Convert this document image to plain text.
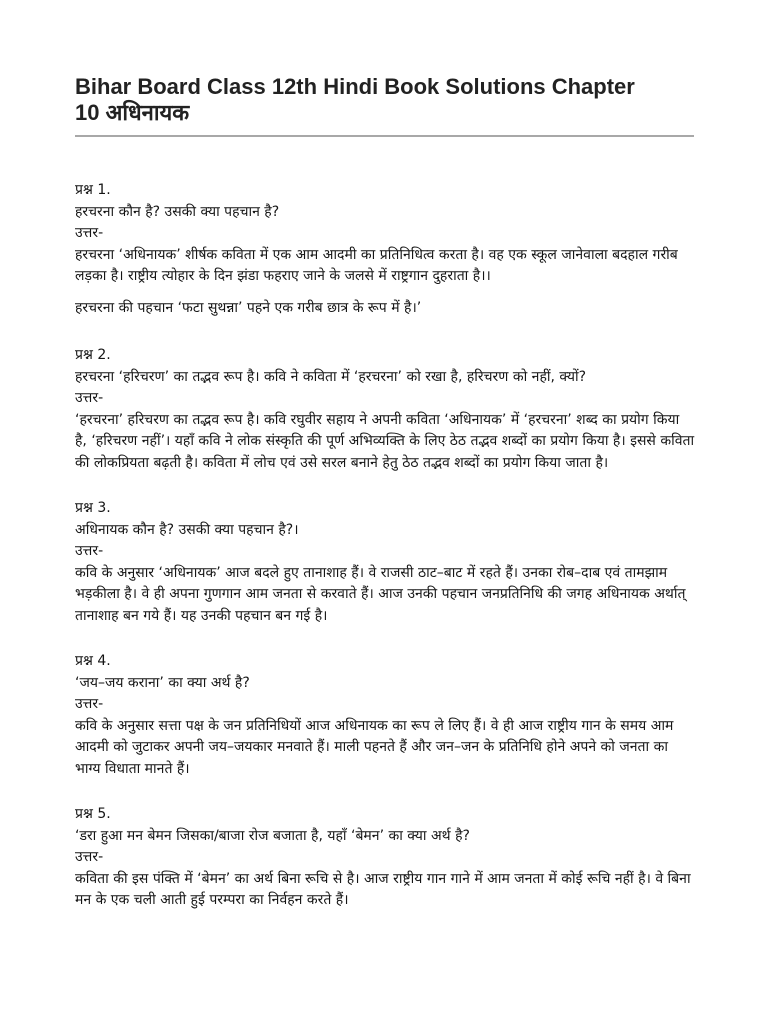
Bihar Board Class 12th Hindi Book Solutions Chapter
10 अधिनायक
प्रश्न 1.
हरचरना कौन है? उसकी क्या पहचान है?
उत्तर-
हरचरना ‘अधिनायक’ शीर्षक कविता में एक आम आदमी का प्रतिनिधित्व करता है। वह एक स्कूल जानेवाला बदहाल गरीब लड़का है। राष्ट्रीय त्योहार के दिन झंडा फहराए जाने के जलसे में राष्ट्रगान दुहराता है।।
हरचरना की पहचान ‘फटा सुथन्ना’ पहने एक गरीब छात्र के रूप में है।’
प्रश्न 2.
हरचरना ‘हरिचरण’ का तद्भव रूप है। कवि ने कविता में ‘हरचरना’ को रखा है, हरिचरण को नहीं, क्यों?
उत्तर-
‘हरचरना’ हरिचरण का तद्भव रूप है। कवि रघुवीर सहाय ने अपनी कविता ‘अधिनायक’ में ‘हरचरना’ शब्द का प्रयोग किया है, ‘हरिचरण नहीं’। यहाँ कवि ने लोक संस्कृति की पूर्ण अभिव्यक्ति के लिए ठेठ तद्भव शब्दों का प्रयोग किया है। इससे कविता की लोकप्रियता बढ़ती है। कविता में लोच एवं उसे सरल बनाने हेतु ठेठ तद्भव शब्दों का प्रयोग किया जाता है।
प्रश्न 3.
अधिनायक कौन है? उसकी क्या पहचान है?।
उत्तर-
कवि के अनुसार ‘अधिनायक’ आज बदले हुए तानाशाह हैं। वे राजसी ठाट–बाट में रहते हैं। उनका रोब–दाब एवं तामझाम भड़कीला है। वे ही अपना गुणगान आम जनता से करवाते हैं। आज उनकी पहचान जनप्रतिनिधि की जगह अधिनायक अर्थात् तानाशाह बन गये हैं। यह उनकी पहचान बन गई है।
प्रश्न 4.
‘जय–जय कराना’ का क्या अर्थ है?
उत्तर-
कवि के अनुसार सत्ता पक्ष के जन प्रतिनिधियों आज अधिनायक का रूप ले लिए हैं। वे ही आज राष्ट्रीय गान के समय आम आदमी को जुटाकर अपनी जय–जयकार मनवाते हैं। माली पहनते हैं और जन–जन के प्रतिनिधि होने अपने को जनता का भाग्य विधाता मानते हैं।
प्रश्न 5.
‘डरा हुआ मन बेमन जिसका/बाजा रोज बजाता है, यहाँ ‘बेमन’ का क्या अर्थ है?
उत्तर-
कविता की इस पंक्ति में ‘बेमन’ का अर्थ बिना रूचि से है। आज राष्ट्रीय गान गाने में आम जनता में कोई रूचि नहीं है। वे बिना मन के एक चली आती हुई परम्परा का निर्वहन करते हैं।
